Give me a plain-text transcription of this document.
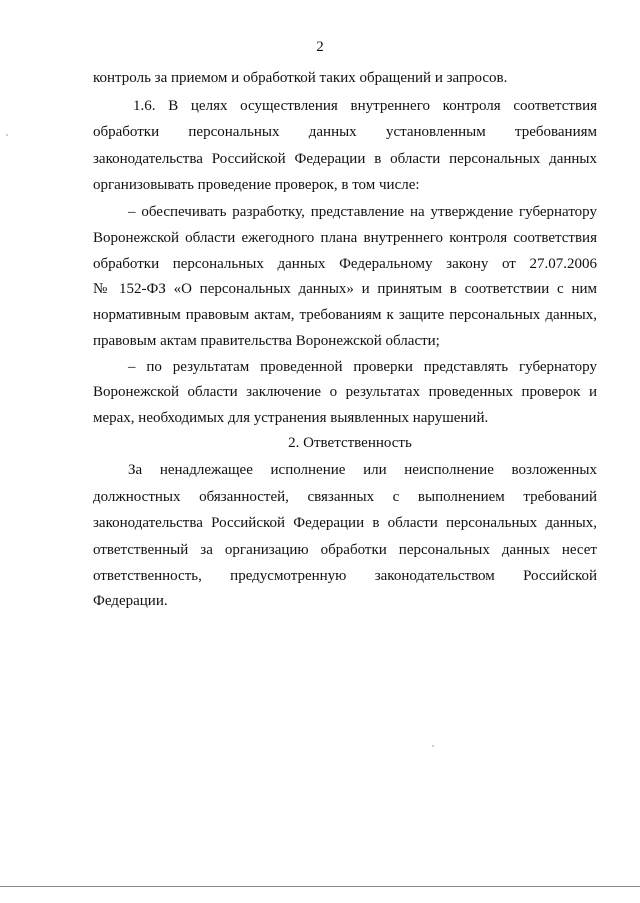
2
контроль за приемом и обработкой таких обращений и запросов.
1.6. В целях осуществления внутреннего контроля соответствия
обработки персональных данных установленным требованиям
законодательства Российской Федерации в области персональных данных
организовывать проведение проверок, в том числе:
– обеспечивать разработку, представление на утверждение губернатору
Воронежской области ежегодного плана внутреннего контроля соответствия
обработки персональных данных Федеральному закону от 27.07.2006
№ 152-ФЗ «О персональных данных» и принятым в соответствии с ним
нормативным правовым актам, требованиям к защите персональных данных,
правовым актам правительства Воронежской области;
– по результатам проведенной проверки представлять губернатору
Воронежской области заключение о результатах проведенных проверок и
мерах, необходимых для устранения выявленных нарушений.
2. Ответственность
За ненадлежащее исполнение или неисполнение возложенных
должностных обязанностей, связанных с выполнением требований
законодательства Российской Федерации в области персональных данных,
ответственный за организацию обработки персональных данных несет
ответственность, предусмотренную законодательством Российской
Федерации.
